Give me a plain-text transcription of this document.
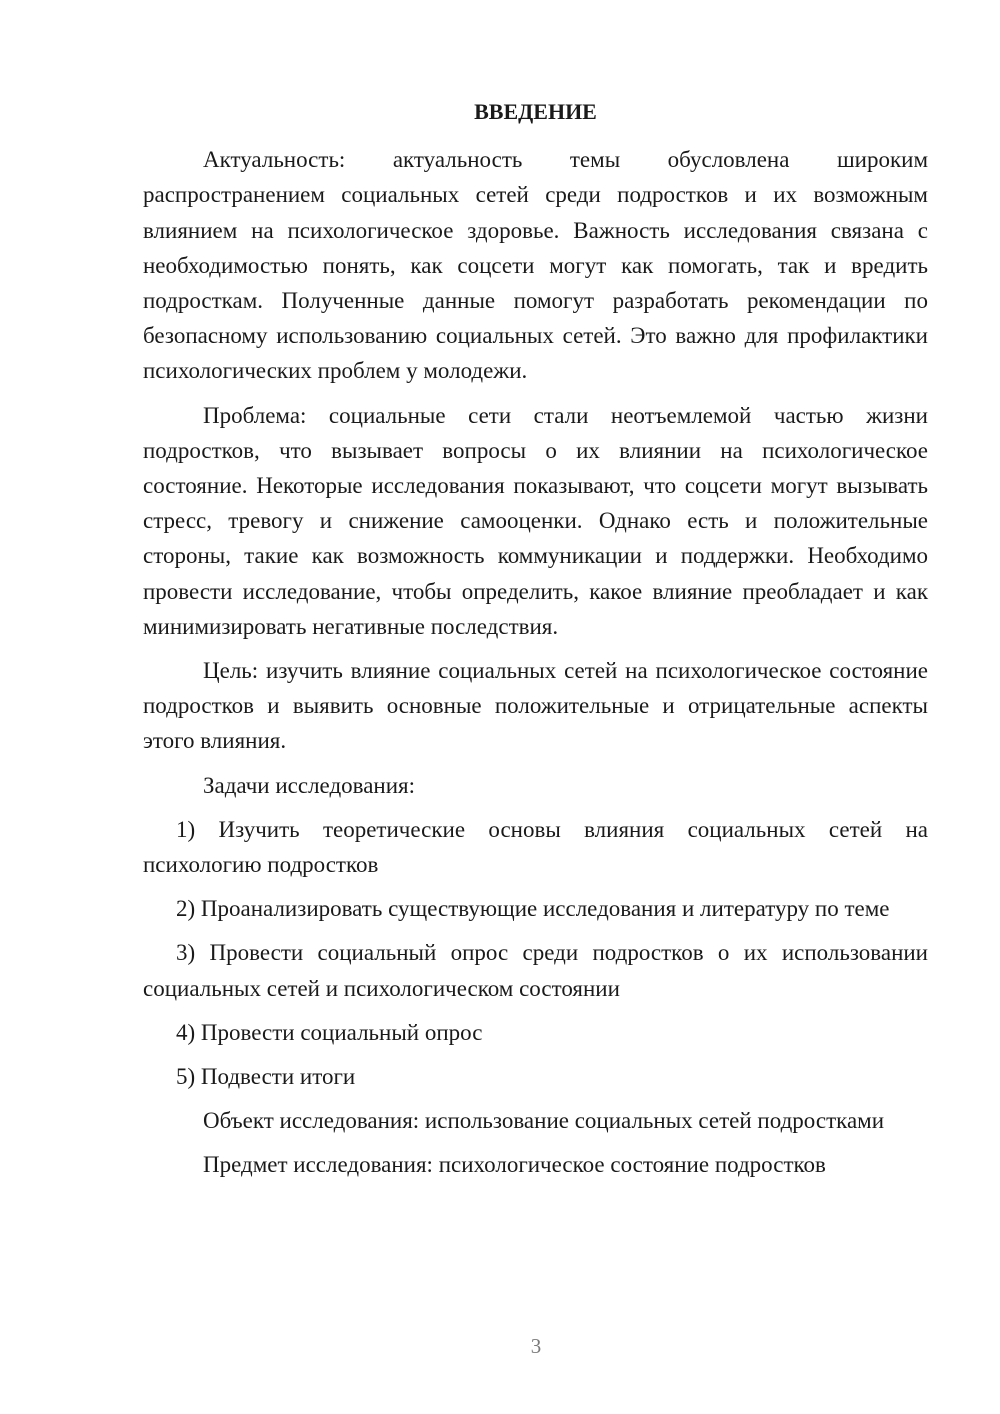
ВВЕДЕНИЕ

Актуальность: актуальность темы обусловлена широким распространением социальных сетей среди подростков и их возможным влиянием на психологическое здоровье. Важность исследования связана с необходимостью понять, как соцсети могут как помогать, так и вредить подросткам. Полученные данные помогут разработать рекомендации по безопасному использованию социальных сетей. Это важно для профилактики психологических проблем у молодежи.

Проблема: социальные сети стали неотъемлемой частью жизни подростков, что вызывает вопросы о их влиянии на психологическое состояние. Некоторые исследования показывают, что соцсети могут вызывать стресс, тревогу и снижение самооценки. Однако есть и положительные стороны, такие как возможность коммуникации и поддержки. Необходимо провести исследование, чтобы определить, какое влияние преобладает и как минимизировать негативные последствия.

Цель: изучить влияние социальных сетей на психологическое состояние подростков и выявить основные положительные и отрицательные аспекты этого влияния.

Задачи исследования:

1) Изучить теоретические основы влияния социальных сетей на психологию подростков

2) Проанализировать существующие исследования и литературу по теме

3) Провести социальный опрос среди подростков о их использовании социальных сетей и психологическом состоянии

4) Провести социальный опрос

5) Подвести итоги

Объект исследования: использование социальных сетей подростками

Предмет исследования: психологическое состояние подростков

3
